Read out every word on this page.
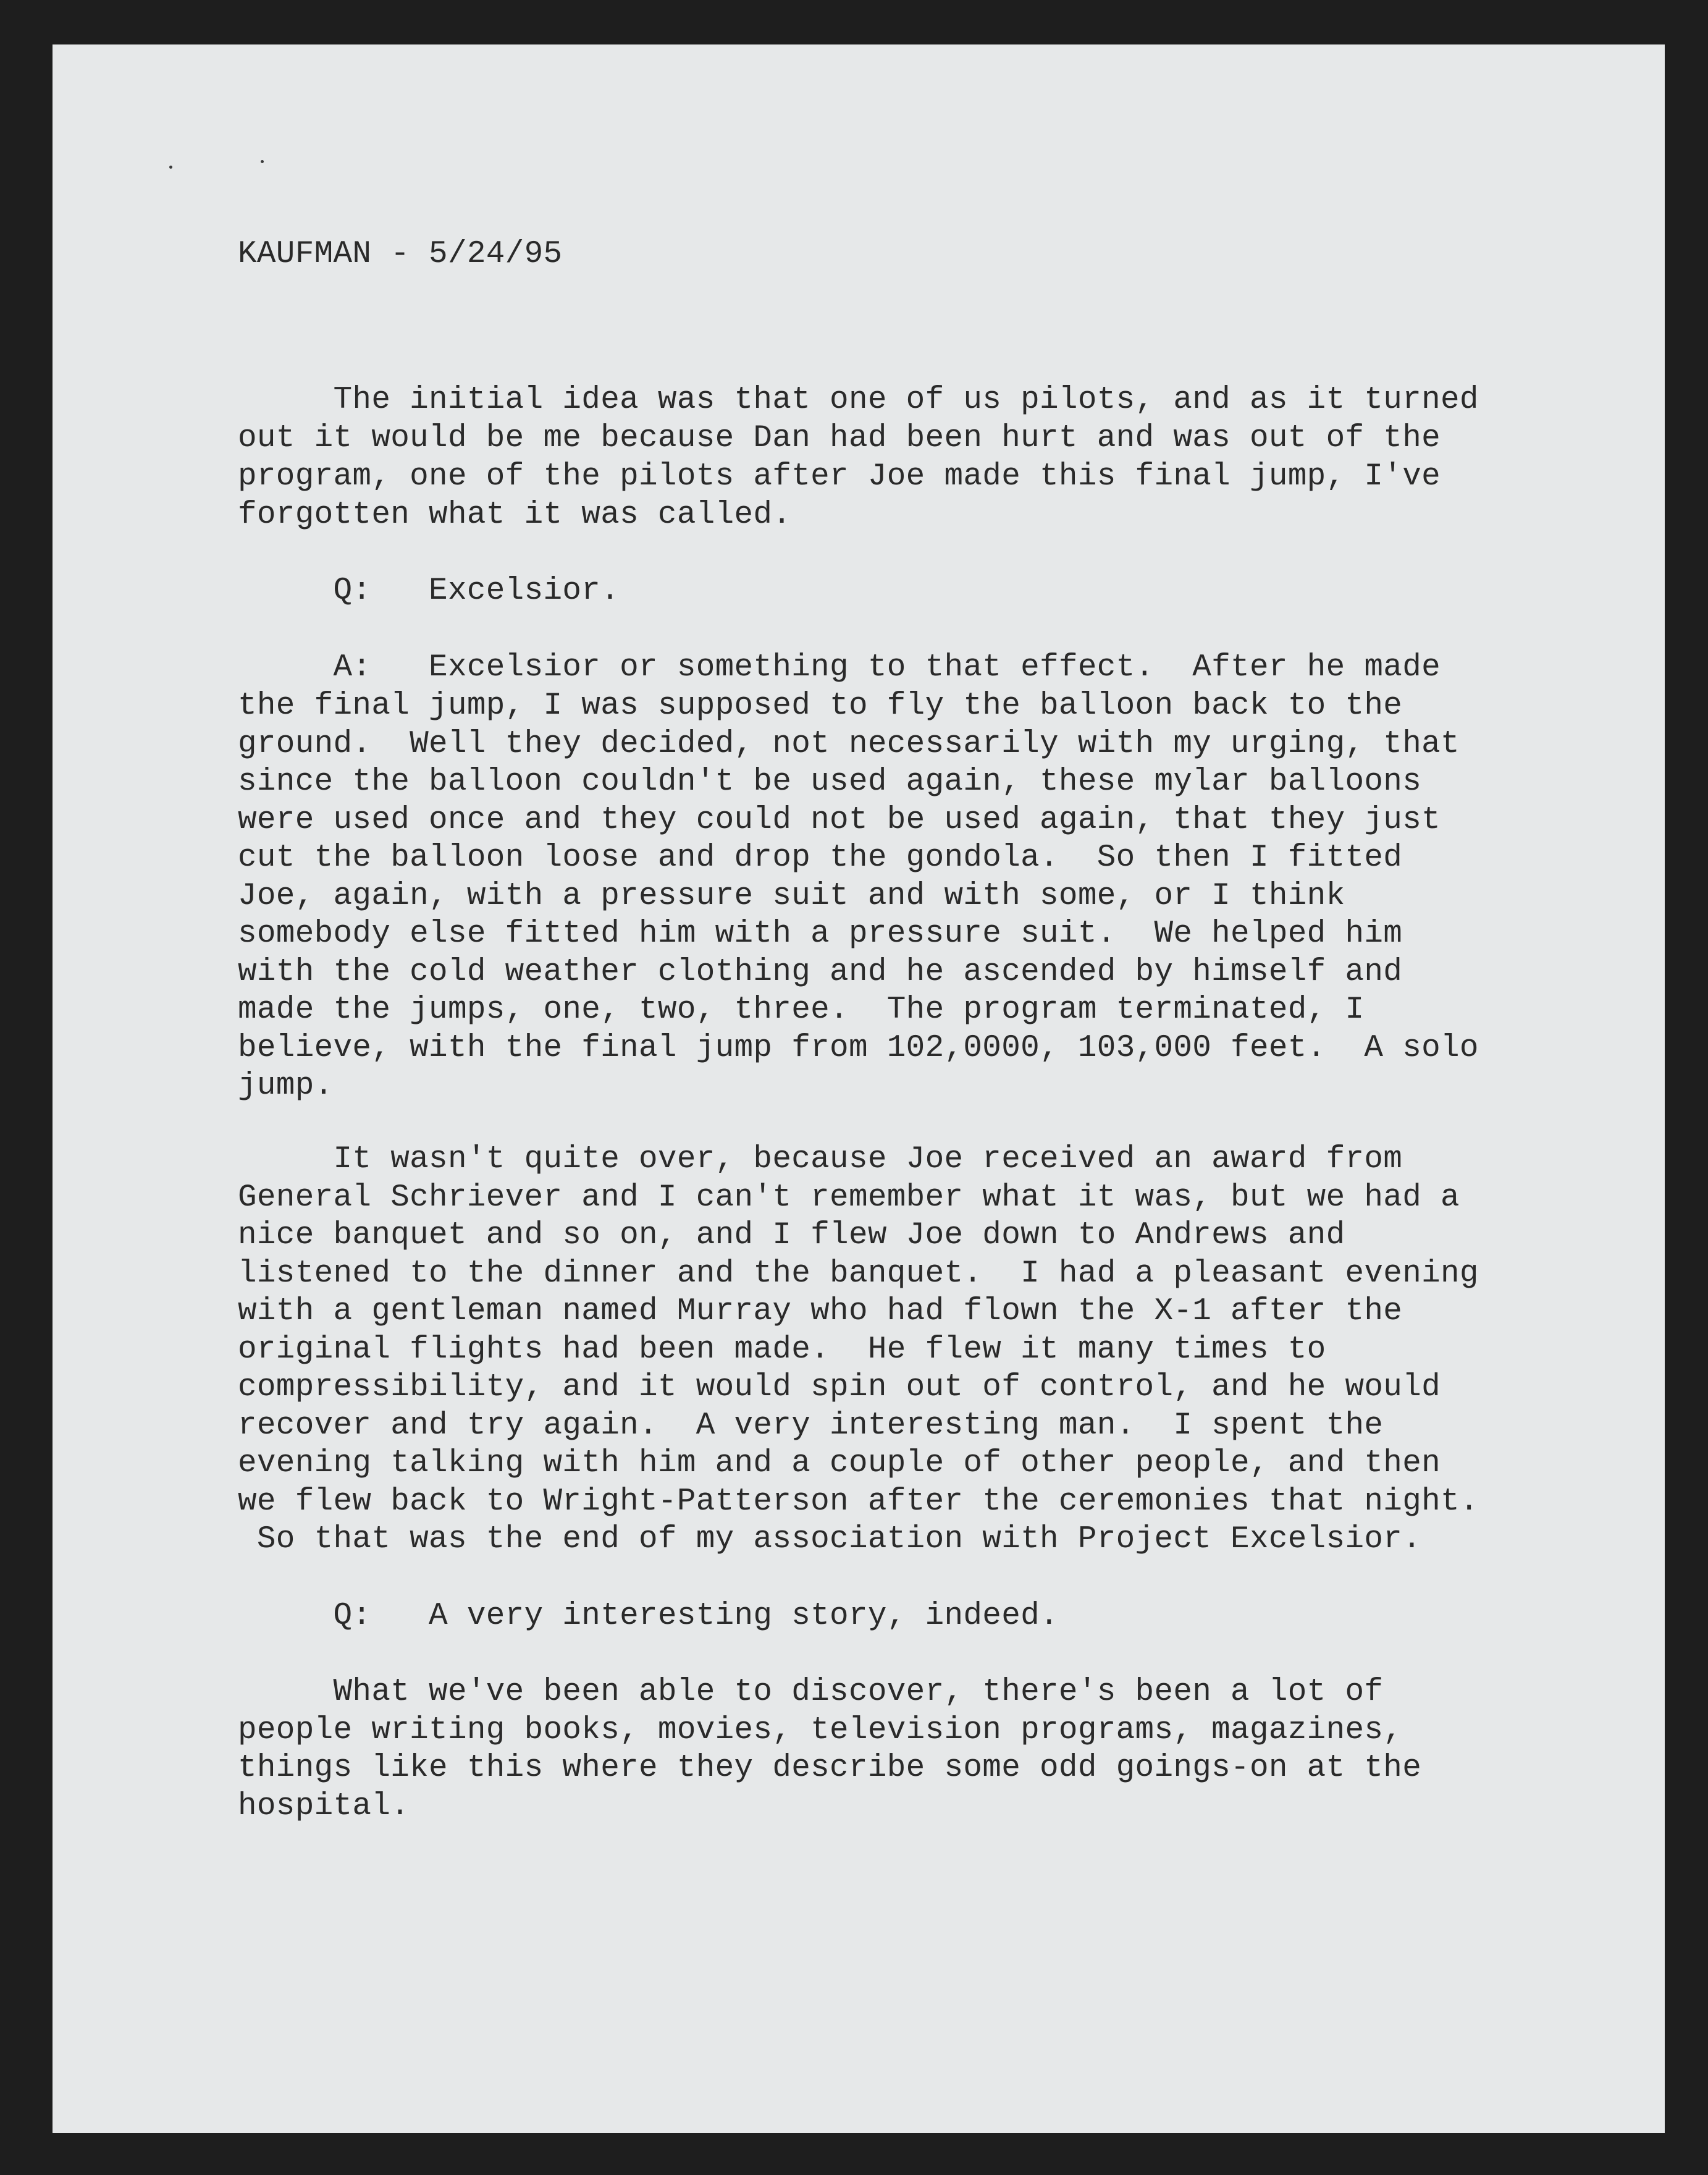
KAUFMAN - 5/24/95

The initial idea was that one of us pilots, and as it turned

out it would be me because Dan had been hurt and was out of the

program, one of the pilots after Joe made this final jump, I've

forgotten what it was called.

Q:   Excelsior.

A:   Excelsior or something to that effect.  After he made

the final jump, I was supposed to fly the balloon back to the

ground.  Well they decided, not necessarily with my urging, that

since the balloon couldn't be used again, these mylar balloons

were used once and they could not be used again, that they just

cut the balloon loose and drop the gondola.  So then I fitted

Joe, again, with a pressure suit and with some, or I think

somebody else fitted him with a pressure suit.  We helped him

with the cold weather clothing and he ascended by himself and

made the jumps, one, two, three.  The program terminated, I

believe, with the final jump from 102,0000, 103,000 feet.  A solo

jump.

It wasn't quite over, because Joe received an award from

General Schriever and I can't remember what it was, but we had a

nice banquet and so on, and I flew Joe down to Andrews and

listened to the dinner and the banquet.  I had a pleasant evening

with a gentleman named Murray who had flown the X-1 after the

original flights had been made.  He flew it many times to

compressibility, and it would spin out of control, and he would

recover and try again.  A very interesting man.  I spent the

evening talking with him and a couple of other people, and then

we flew back to Wright-Patterson after the ceremonies that night.

So that was the end of my association with Project Excelsior.

Q:   A very interesting story, indeed.

What we've been able to discover, there's been a lot of

people writing books, movies, television programs, magazines,

things like this where they describe some odd goings-on at the

hospital.
